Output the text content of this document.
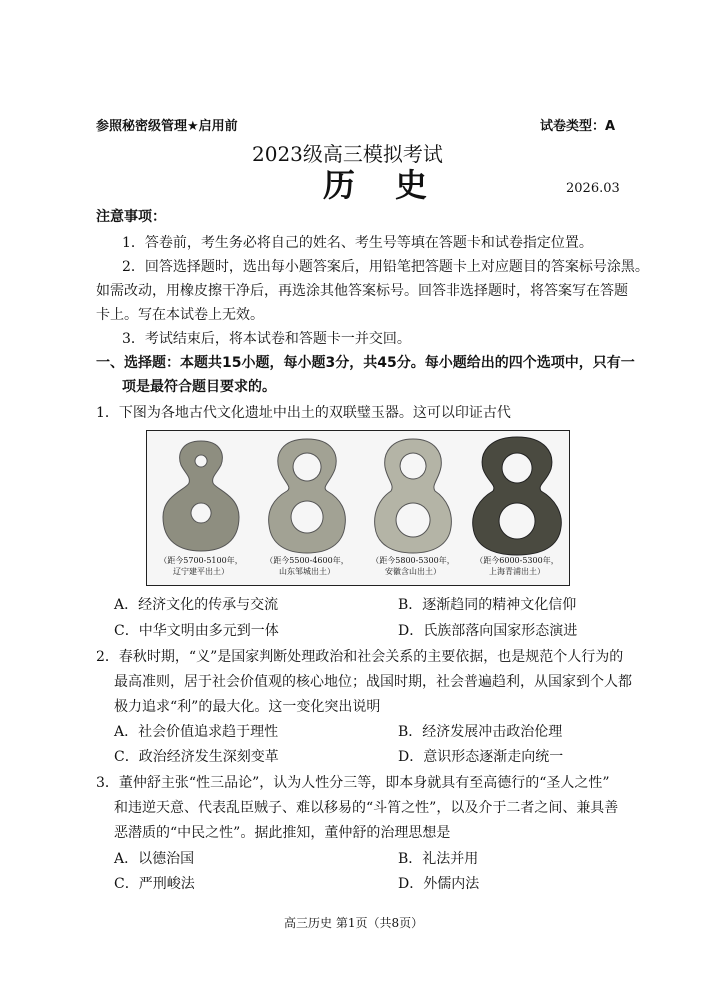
参照秘密级管理★启用前	试卷类型：A
2023级高三模拟考试
历　史	2026.03
注意事项：
1．答卷前，考生务必将自己的姓名、考生号等填在答题卡和试卷指定位置。
2．回答选择题时，选出每小题答案后，用铅笔把答题卡上对应题目的答案标号涂黑。
如需改动，用橡皮擦干净后，再选涂其他答案标号。回答非选择题时，将答案写在答题
卡上。写在本试卷上无效。
3．考试结束后，将本试卷和答题卡一并交回。
一、选择题：本题共15小题，每小题3分，共45分。每小题给出的四个选项中，只有一
项是最符合题目要求的。
1．下图为各地古代文化遗址中出土的双联璧玉器。这可以印证古代
（距今5700-5100年，
辽宁建平出土）
（距今5500-4600年，
山东邹城出土）
（距今5800-5300年，
安徽含山出土）
（距今6000-5300年，
上海青浦出土）
A．经济文化的传承与交流	B．逐渐趋同的精神文化信仰
C．中华文明由多元到一体	D．氏族部落向国家形态演进
2．春秋时期，“义”是国家判断处理政治和社会关系的主要依据，也是规范个人行为的
最高准则，居于社会价值观的核心地位；战国时期，社会普遍趋利，从国家到个人都
极力追求“利”的最大化。这一变化突出说明
A．社会价值追求趋于理性	B．经济发展冲击政治伦理
C．政治经济发生深刻变革	D．意识形态逐渐走向统一
3．董仲舒主张“性三品论”，认为人性分三等，即本身就具有至高德行的“圣人之性”
和违逆天意、代表乱臣贼子、难以移易的“斗筲之性”，以及介于二者之间、兼具善
恶潜质的“中民之性”。据此推知，董仲舒的治理思想是
A．以德治国	B．礼法并用
C．严刑峻法	D．外儒内法
高三历史 第1页（共8页）
